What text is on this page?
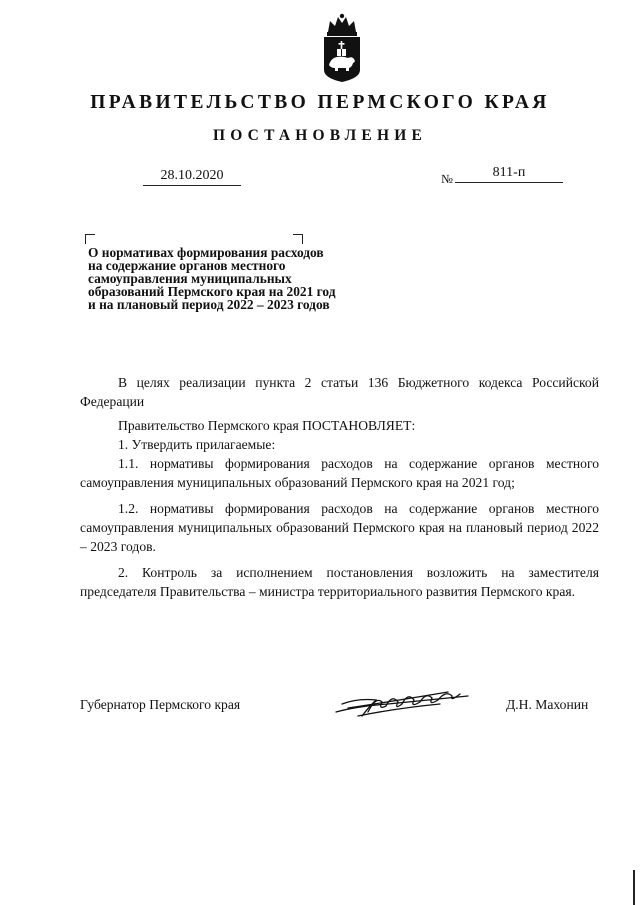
ПРАВИТЕЛЬСТВО ПЕРМСКОГО КРАЯ
ПОСТАНОВЛЕНИЕ
28.10.2020	№	811-п
О нормативах формирования расходов
на содержание органов местного
самоуправления муниципальных
образований Пермского края на 2021 год
и на плановый период 2022 – 2023 годов

В целях реализации пункта 2 статьи 136 Бюджетного кодекса Российской Федерации

Правительство Пермского края ПОСТАНОВЛЯЕТ:

1. Утвердить прилагаемые:

1.1. нормативы формирования расходов на содержание органов местного самоуправления муниципальных образований Пермского края на 2021 год;

1.2. нормативы формирования расходов на содержание органов местного самоуправления муниципальных образований Пермского края на плановый период 2022 – 2023 годов.

2. Контроль за исполнением постановления возложить на заместителя председателя Правительства – министра территориального развития Пермского края.

Губернатор Пермского края	Д.Н. Махонин
